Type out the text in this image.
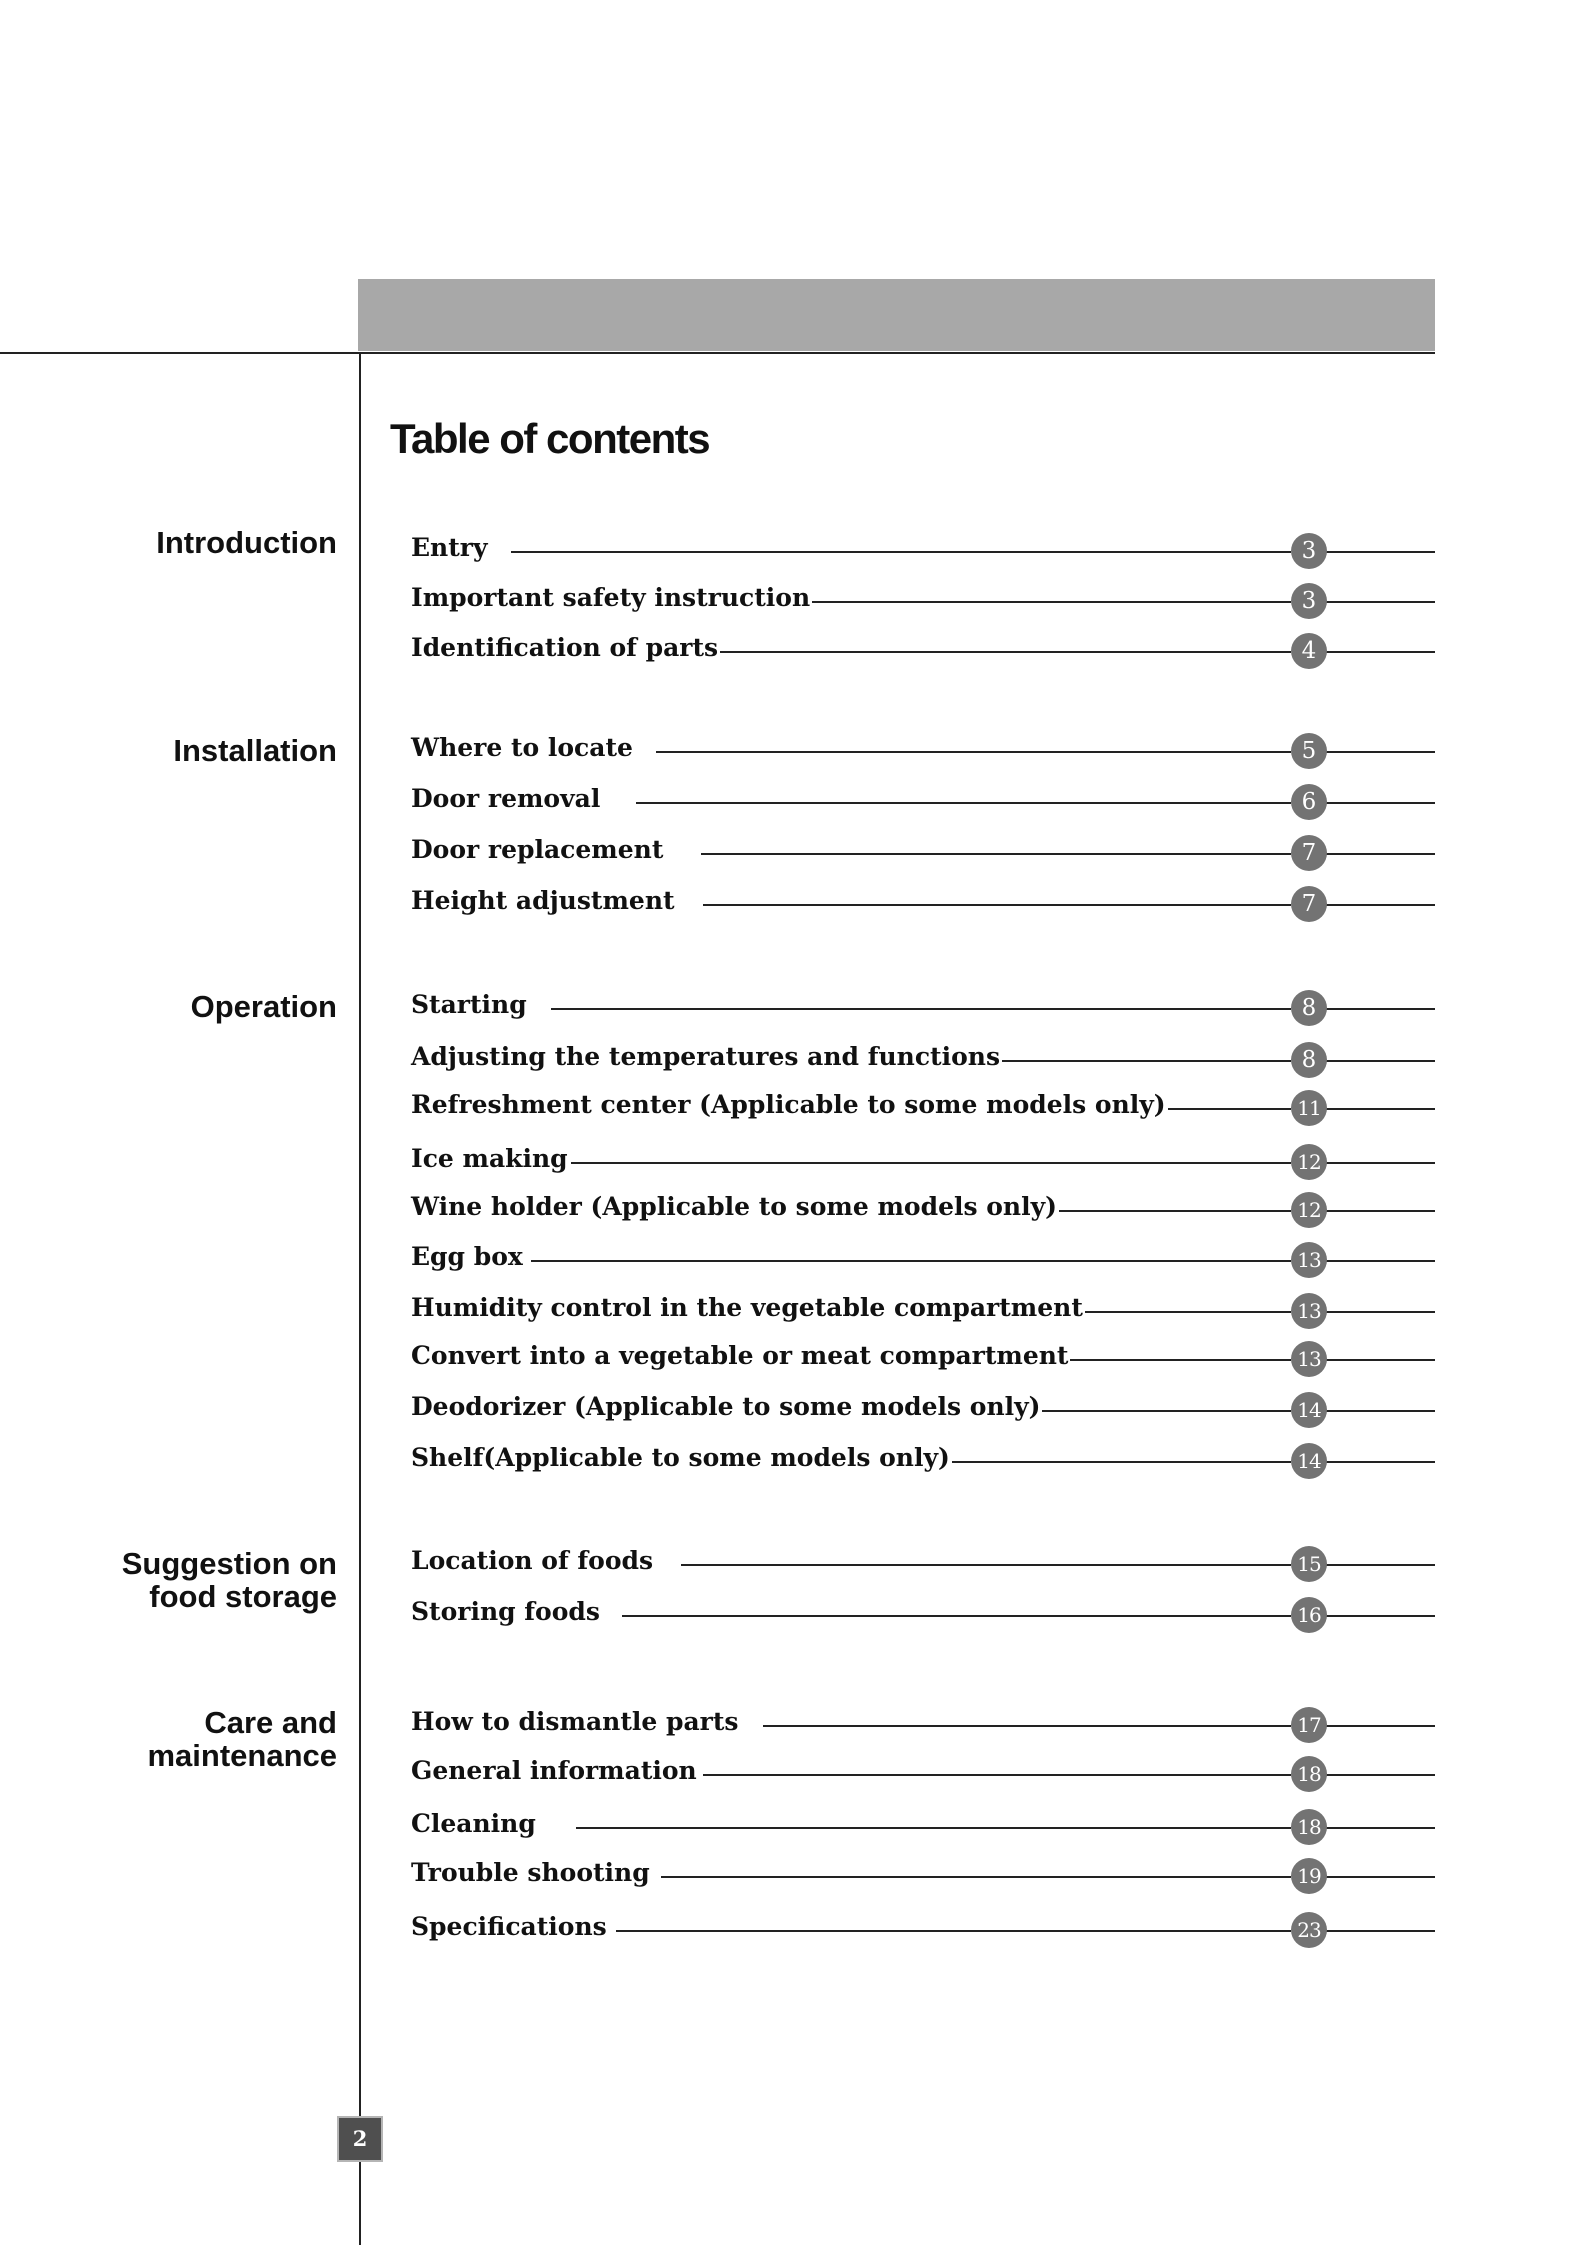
Table of contents
Introduction	Entry	3
Important safety instruction	3
Identification of parts	4
Installation	Where to locate	5
Door removal	6
Door replacement	7
Height adjustment	7
Operation	Starting	8
Adjusting the temperatures and functions	8
Refreshment center (Applicable to some models only)	11
Ice making	12
Wine holder (Applicable to some models only)	12
Egg box	13
Humidity control in the vegetable compartment	13
Convert into a vegetable or meat compartment	13
Deodorizer (Applicable to some models only)	14
Shelf(Applicable to some models only)	14
Suggestion on
food storage
Location of foods	15
Storing foods	16
Care and
maintenance
How to dismantle parts	17
General information	18
Cleaning	18
Trouble shooting	19
Specifications	23
2
